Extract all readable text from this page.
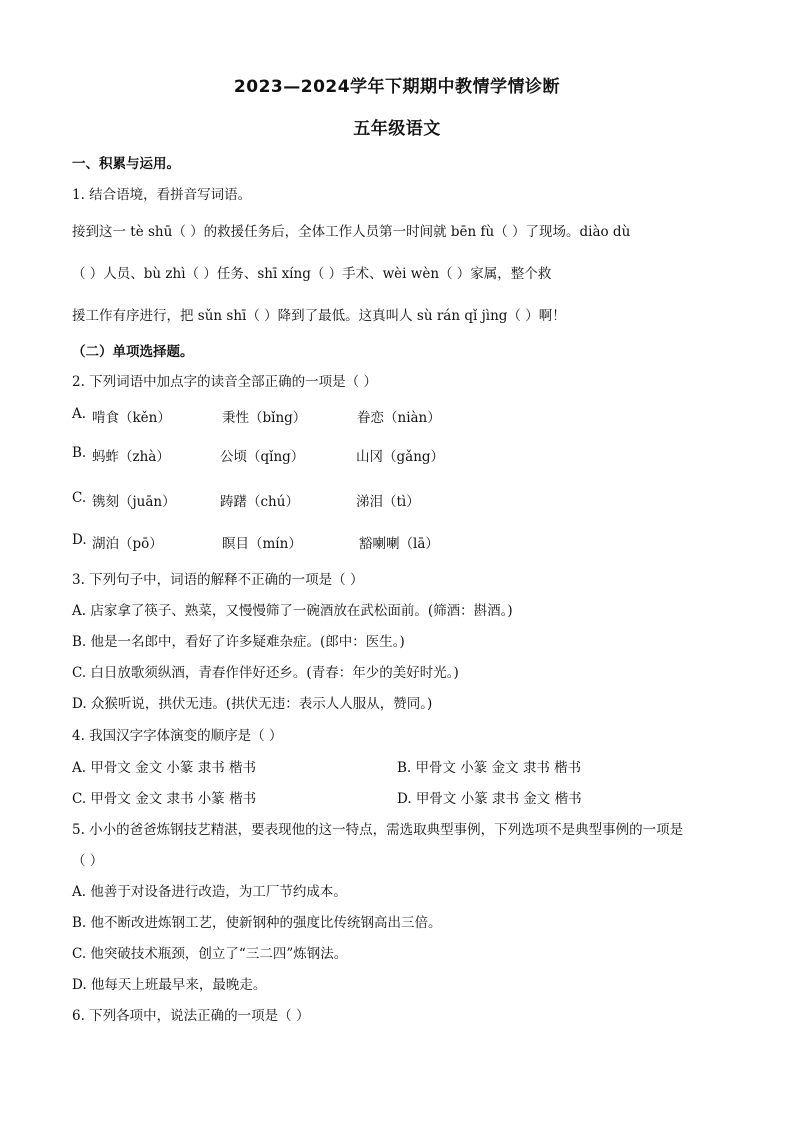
2023—2024学年下期期中教情学情诊断
五年级语文
一、积累与运用。
1. 结合语境，看拼音写词语。
接到这一 tè shū（ ）的救援任务后，全体工作人员第一时间就 bēn fù（ ）了现场。diào dù
（ ）人员、bù zhì（ ）任务、shī xíng（ ）手术、wèi wèn（ ）家属，整个救
援工作有序进行，把 sǔn shī（ ）降到了最低。这真叫人 sù rán qǐ jìng（ ）啊！
（二）单项选择题。
2. 下列词语中加点字的读音全部正确的一项是（ ）
A. 啃食（kěn）	秉性（bǐng）	眷恋（niàn）
B. 蚂蚱（zhà）	公顷（qǐng）	山冈（gǎng）
C. 镌刻（juān）	踌躇（chú）	涕泪（tì）
D. 湖泊（pō）	瞑目（mín）	豁喇喇（lā）
3. 下列句子中，词语的解释不正确的一项是（ ）
A. 店家拿了筷子、熟菜，又慢慢筛了一碗酒放在武松面前。(筛酒：斟酒。)
B. 他是一名郎中，看好了许多疑难杂症。(郎中：医生。)
C. 白日放歌须纵酒，青春作伴好还乡。(青春：年少的美好时光。)
D. 众猴听说，拱伏无违。(拱伏无违：表示人人服从，赞同。)
4. 我国汉字字体演变的顺序是（ ）
A. 甲骨文 金文 小篆 隶书 楷书	B. 甲骨文 小篆 金文 隶书 楷书
C. 甲骨文 金文 隶书 小篆 楷书	D. 甲骨文 小篆 隶书 金文 楷书
5. 小小的爸爸炼钢技艺精湛，要表现他的这一特点，需选取典型事例，下列选项不是典型事例的一项是
（ ）
A. 他善于对设备进行改造，为工厂节约成本。
B. 他不断改进炼钢工艺，使新钢种的强度比传统钢高出三倍。
C. 他突破技术瓶颈，创立了“三二四”炼钢法。
D. 他每天上班最早来，最晚走。
6. 下列各项中，说法正确的一项是（ ）
